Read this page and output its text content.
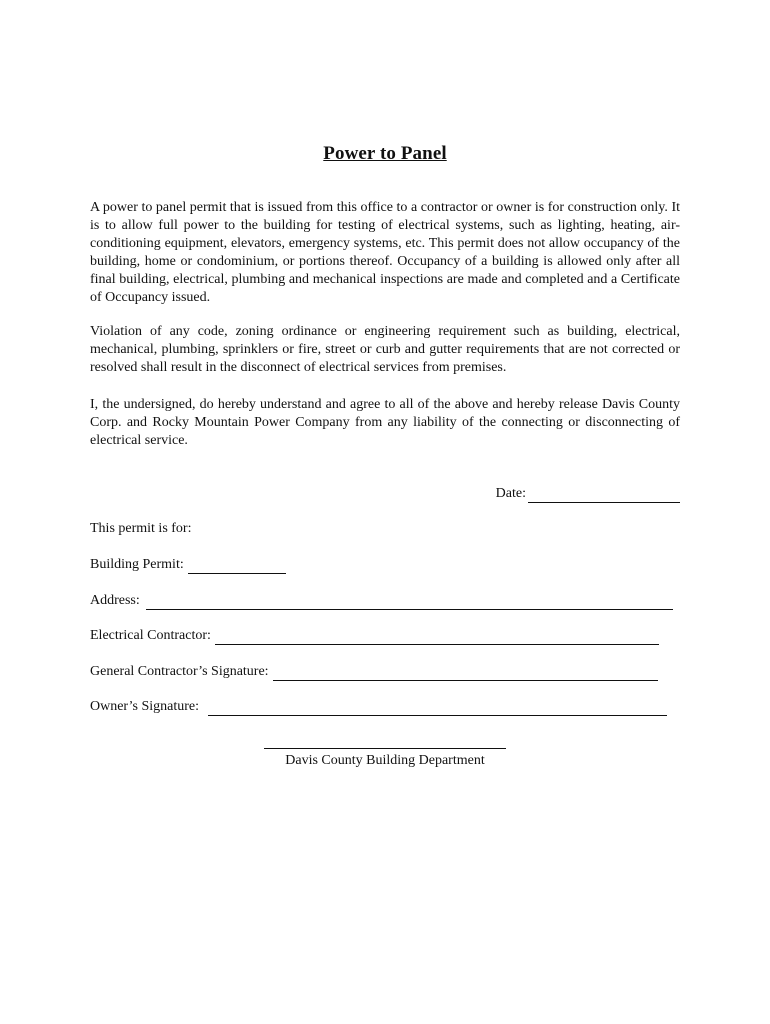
Power to Panel

A power to panel permit that is issued from this office to a contractor or owner is for construction only. It is to allow full power to the building for testing of electrical systems, such as lighting, heating, air-conditioning equipment, elevators, emergency systems, etc. This permit does not allow occupancy of the building, home or condominium, or portions thereof. Occupancy of a building is allowed only after all final building, electrical, plumbing and mechanical inspections are made and completed and a Certificate of Occupancy issued.

Violation of any code, zoning ordinance or engineering requirement such as building, electrical, mechanical, plumbing, sprinklers or fire, street or curb and gutter requirements that are not corrected or resolved shall result in the disconnect of electrical services from premises.

I, the undersigned, do hereby understand and agree to all of the above and hereby release Davis County Corp. and Rocky Mountain Power Company from any liability of the connecting or disconnecting of electrical service.

Date:
This permit is for:
Building Permit:
Address:
Electrical Contractor:
General Contractor’s Signature:
Owner’s Signature:
Davis County Building Department
